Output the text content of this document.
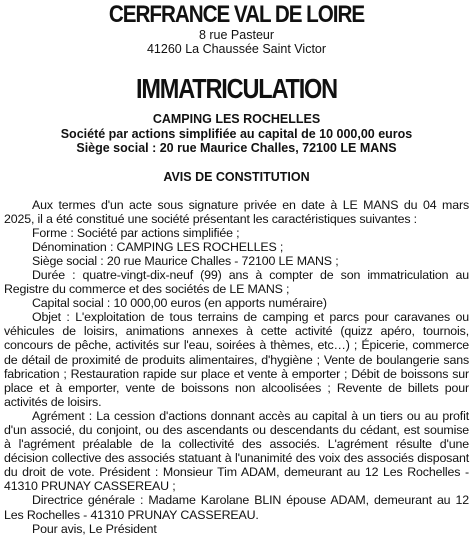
CERFRANCE VAL DE LOIRE

8 rue Pasteur

41260 La Chaussée Saint Victor

IMMATRICULATION

CAMPING LES ROCHELLES

Société par actions simplifiée au capital de 10 000,00 euros

Siège social : 20 rue Maurice Challes, 72100 LE MANS

AVIS DE CONSTITUTION

Aux termes d'un acte sous signature privée en date à LE MANS du 04 mars 2025, il a été constitué une société présentant les caractéristiques suivantes :

Forme : Société par actions simplifiée ;

Dénomination : CAMPING LES ROCHELLES ;

Siège social : 20 rue Maurice Challes - 72100 LE MANS ;

Durée : quatre-vingt-dix-neuf (99) ans à compter de son immatriculation au Registre du commerce et des sociétés de LE MANS ;

Capital social : 10 000,00 euros (en apports numéraire)

Objet : L'exploitation de tous terrains de camping et parcs pour caravanes ou véhicules de loisirs, animations annexes à cette activité (quizz apéro, tournois, concours de pêche, activités sur l'eau, soirées à thèmes, etc…) ; Épicerie, commerce de détail de proximité de produits alimentaires, d'hygiène ; Vente de boulangerie sans fabrication ; Restauration rapide sur place et vente à emporter ; Débit de boissons sur place et à emporter, vente de boissons non alcoolisées ; Revente de billets pour activités de loisirs.

Agrément : La cession d'actions donnant accès au capital à un tiers ou au profit d'un associé, du conjoint, ou des ascendants ou descendants du cédant, est soumise à l'agrément préalable de la collectivité des associés. L'agrément résulte d'une décision collective des associés statuant à l'unanimité des voix des associés disposant du droit de vote. Président : Monsieur Tim ADAM, demeurant au 12 Les Rochelles - 41310 PRUNAY CASSEREAU ;

Directrice générale : Madame Karolane BLIN épouse ADAM, demeurant au 12 Les Rochelles - 41310 PRUNAY CASSEREAU.

Pour avis, Le Président
